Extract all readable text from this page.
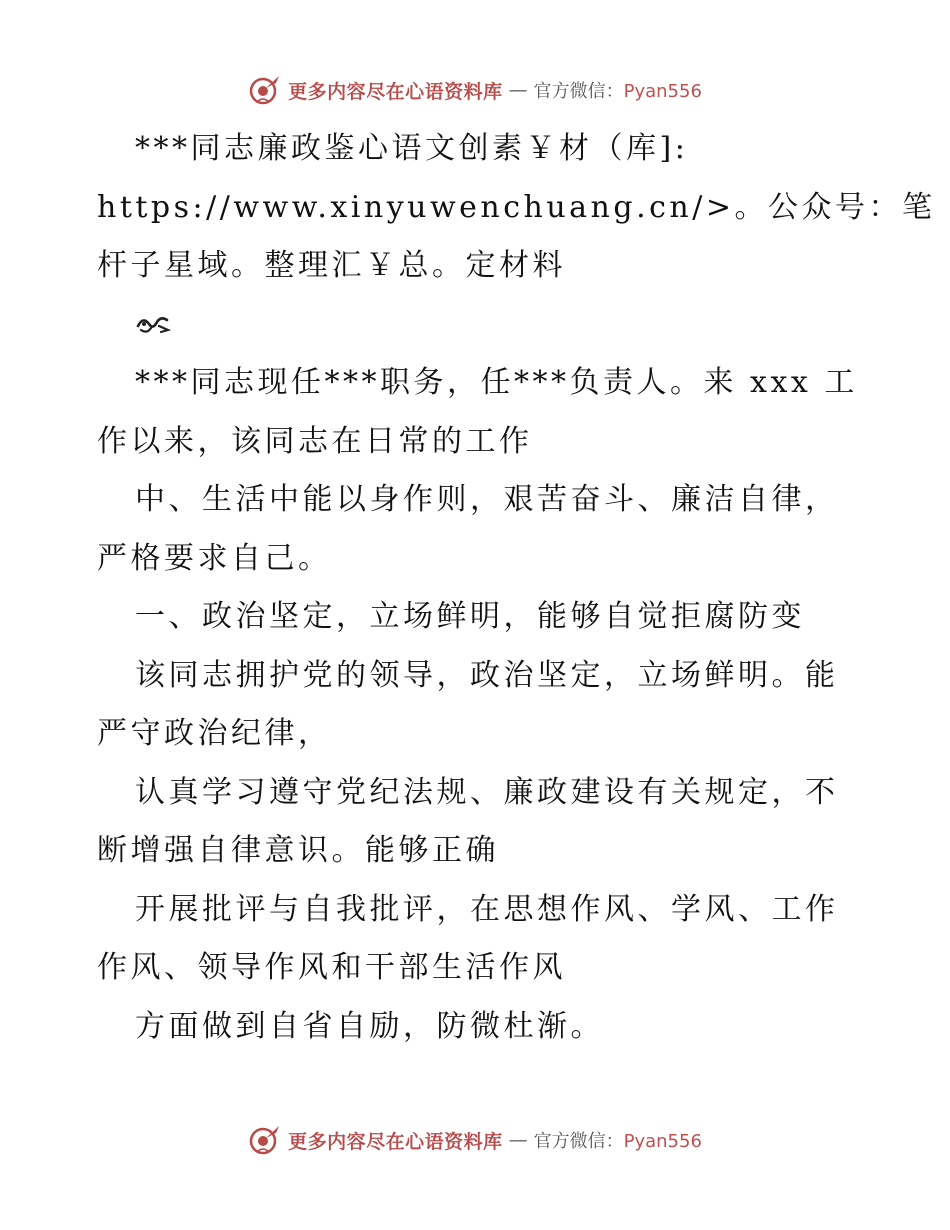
更多内容尽在心语资料库 — 官方微信：Pyan556

***同志廉政鉴心语文创素￥材（库]:

https://www.xinyuwenchuang.cn/>。公众号：笔

杆子星域。整理汇￥总。定材料

***同志现任***职务，任***负责人。来 xxx 工

作以来，该同志在日常的工作

中、生活中能以身作则，艰苦奋斗、廉洁自律，

严格要求自己。

一、政治坚定，立场鲜明，能够自觉拒腐防变

该同志拥护党的领导，政治坚定，立场鲜明。能

严守政治纪律，

认真学习遵守党纪法规、廉政建设有关规定，不

断增强自律意识。能够正确

开展批评与自我批评，在思想作风、学风、工作

作风、领导作风和干部生活作风

方面做到自省自励，防微杜渐。

更多内容尽在心语资料库 — 官方微信：Pyan556
